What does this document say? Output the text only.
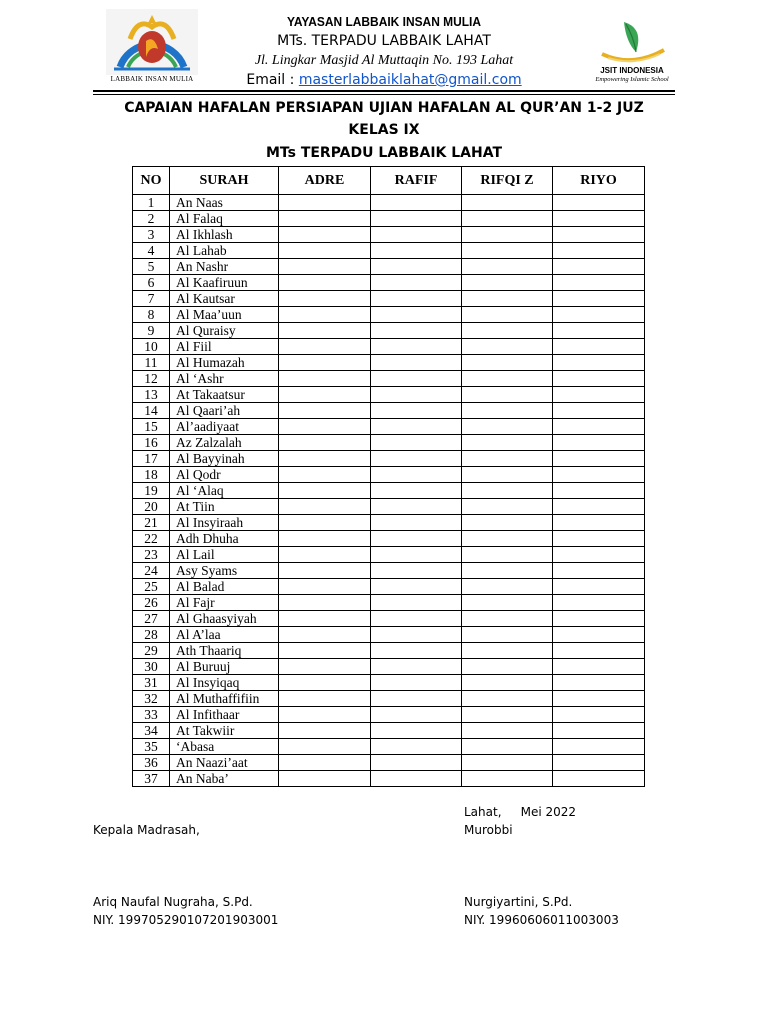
LABBAIK INSAN MULIA
YAYASAN LABBAIK INSAN MULIA
MTs. TERPADU LABBAIK LAHAT
Jl. Lingkar Masjid Al Muttaqin No. 193 Lahat
Email : masterlabbaiklahat@gmail.com
JSIT INDONESIA
Empowering Islamic School
CAPAIAN HAFALAN PERSIAPAN UJIAN HAFALAN AL QUR’AN 1-2 JUZ
KELAS IX
MTs TERPADU LABBAIK LAHAT
NO	SURAH	ADRE	RAFIF	RIFQI Z	RIYO
1	An Naas				
2	Al Falaq				
3	Al Ikhlash				
4	Al Lahab				
5	An Nashr				
6	Al Kaafiruun				
7	Al Kautsar				
8	Al Maa’uun				
9	Al Quraisy				
10	Al Fiil				
11	Al Humazah				
12	Al ‘Ashr				
13	At Takaatsur				
14	Al Qaari’ah				
15	Al’aadiyaat				
16	Az Zalzalah				
17	Al Bayyinah				
18	Al Qodr				
19	Al ‘Alaq				
20	At Tiin				
21	Al Insyiraah				
22	Adh Dhuha				
23	Al Lail				
24	Asy Syams				
25	Al Balad				
26	Al Fajr				
27	Al Ghaasyiyah				
28	Al A’laa				
29	Ath Thaariq				
30	Al Buruuj				
31	Al Insyiqaq				
32	Al Muthaffifiin				
33	Al Infithaar				
34	At Takwiir				
35	‘Abasa				
36	An Naazi’aat				
37	An Naba’				
Lahat,     Mei 2022
Kepala Madrasah,	Murobbi
Ariq Naufal Nugraha, S.Pd.
NIY. 199705290107201903001
Nurgiyartini, S.Pd.
NIY. 19960606011003003
